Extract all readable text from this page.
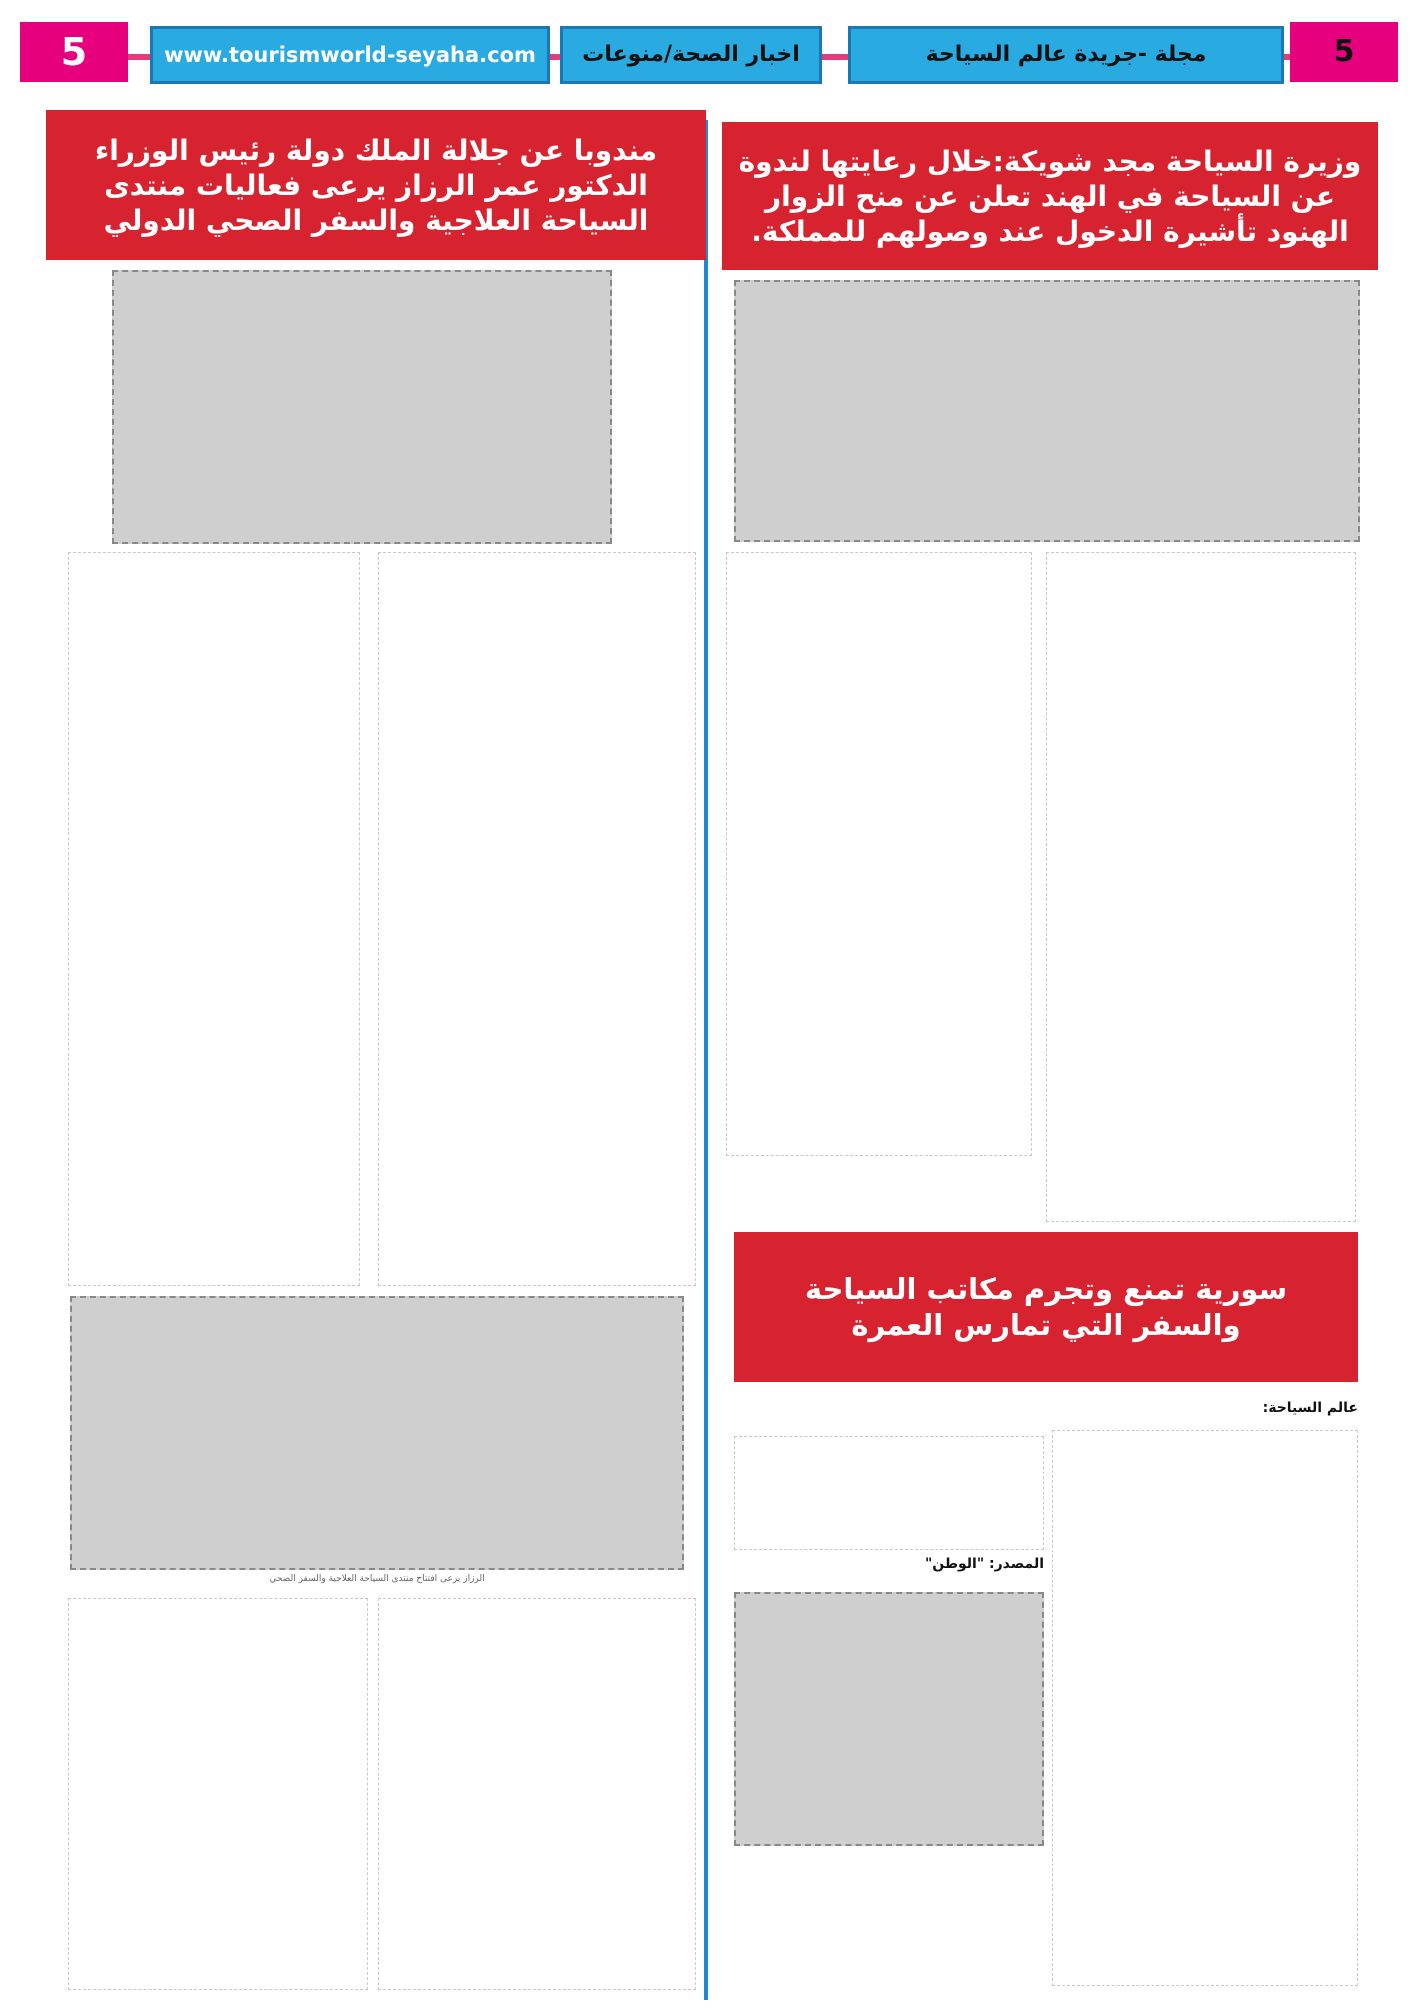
5	www.tourismworld-seyaha.com	اخبار الصحة/منوعات	مجلة -جريدة عالم السياحة	5
مندوبا عن جلالة الملك دولة رئيس الوزراء الدكتور عمر الرزاز يرعى فعاليات منتدى السياحة العلاجية والسفر الصحي الدولي
الرزاز يرعى افتتاح منتدى السياحة العلاجية والسفر الصحي
وزيرة السياحة مجد شويكة:خلال رعايتها لندوة عن السياحة في الهند تعلن عن منح الزوار الهنود تأشيرة الدخول عند وصولهم للمملكة.
سورية تمنع وتجرم مكاتب السياحة والسفر التي تمارس العمرة
عالم السياحة:
المصدر: "الوطن"
